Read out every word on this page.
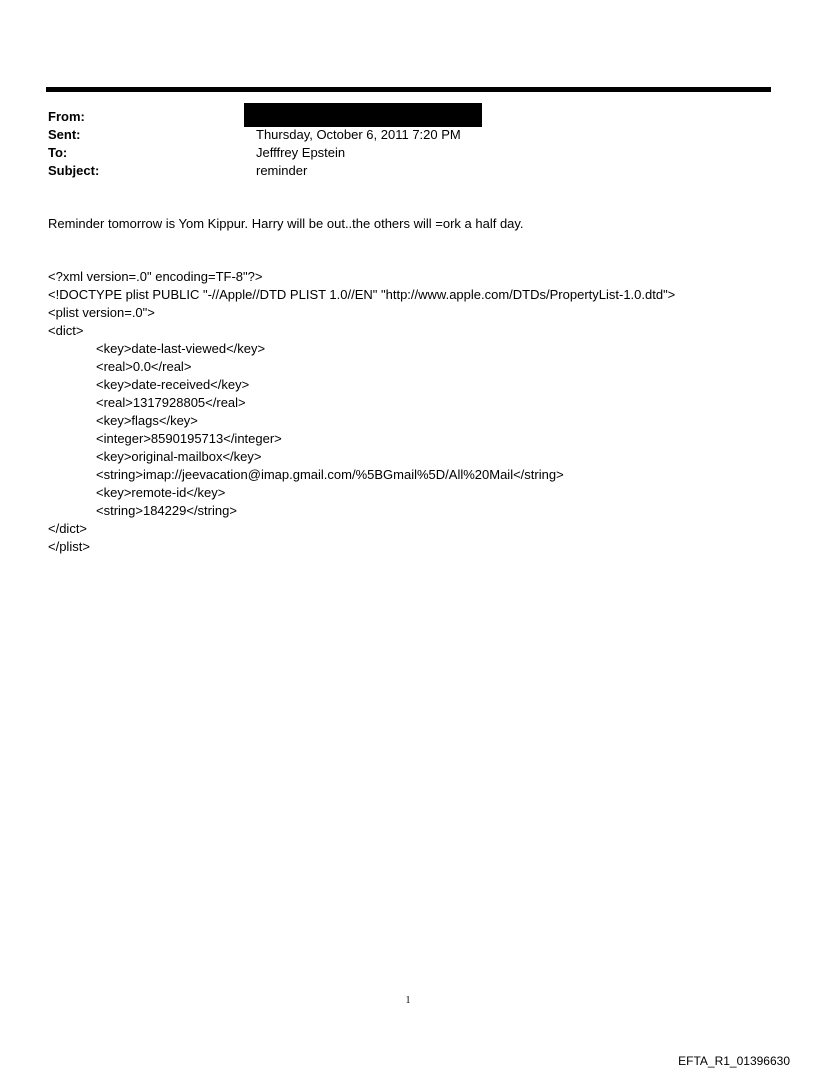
From:
Sent:	Thursday, October 6, 2011 7:20 PM
To:	Jefffrey Epstein
Subject:	reminder
Reminder tomorrow is Yom Kippur. Harry will be out..the others will =ork a half day.
<?xml version=.0" encoding=TF-8"?>
<!DOCTYPE plist PUBLIC "-//Apple//DTD PLIST 1.0//EN" "http://www.apple.com/DTDs/PropertyList-1.0.dtd">
<plist version=.0">
<dict>
<key>date-last-viewed</key>
<real>0.0</real>
<key>date-received</key>
<real>1317928805</real>
<key>flags</key>
<integer>8590195713</integer>
<key>original-mailbox</key>
<string>imap://jeevacation@imap.gmail.com/%5BGmail%5D/All%20Mail</string>
<key>remote-id</key>
<string>184229</string>
</dict>
</plist>
1
EFTA_R1_01396630
